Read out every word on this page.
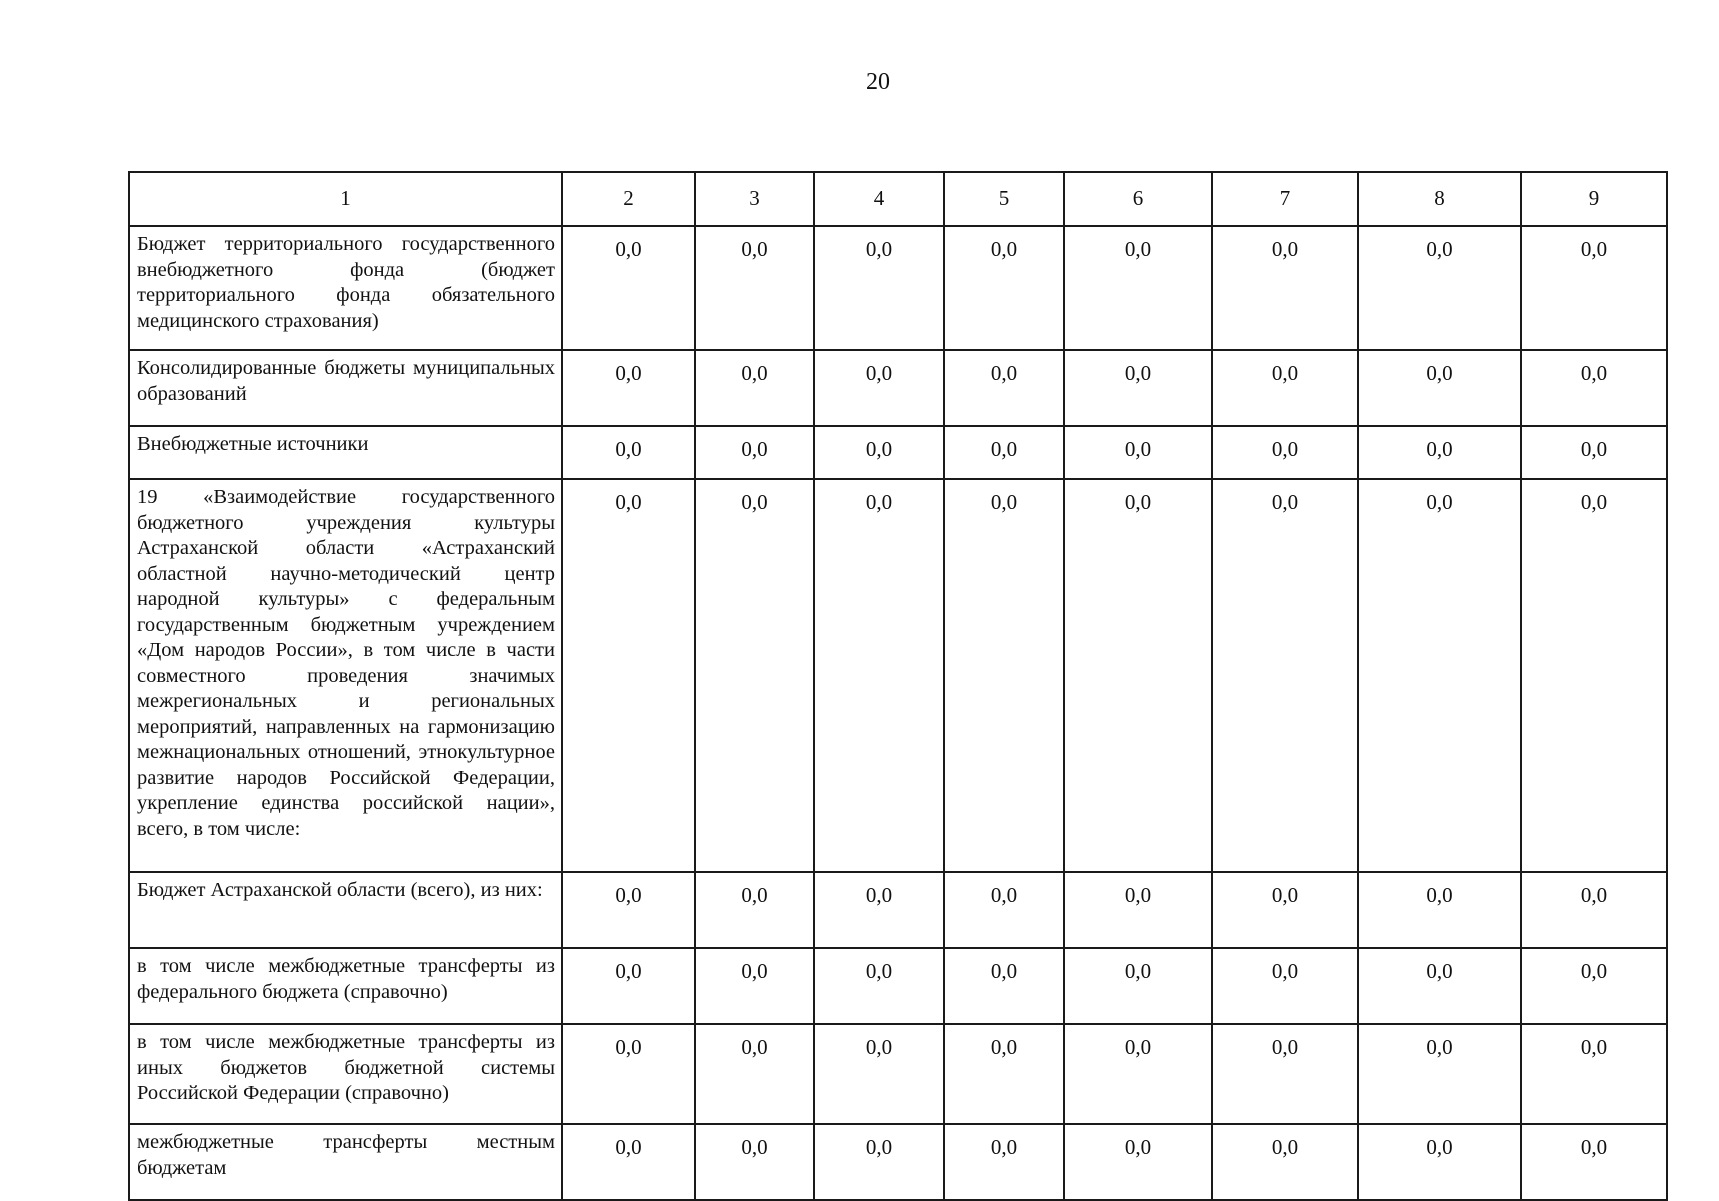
20
1	2	3	4	5	6	7	8	9
Бюджет территориального государственного внебюджетного фонда (бюджет территориального фонда обязательного медицинского страхования)	0,0	0,0	0,0	0,0	0,0	0,0	0,0	0,0
Консолидированные бюджеты муниципальных образований	0,0	0,0	0,0	0,0	0,0	0,0	0,0	0,0
Внебюджетные источники	0,0	0,0	0,0	0,0	0,0	0,0	0,0	0,0
19 «Взаимодействие государственного бюджетного учреждения культуры Астраханской области «Астраханский областной научно-методический центр народной культуры» с федеральным государственным бюджетным учреждением «Дом народов России», в том числе в части совместного проведения значимых межрегиональных и региональных мероприятий, направленных на гармонизацию межнациональных отношений, этнокультурное развитие народов Российской Федерации, укрепление единства российской нации», всего, в том числе:	0,0	0,0	0,0	0,0	0,0	0,0	0,0	0,0
Бюджет Астраханской области (всего), из них:	0,0	0,0	0,0	0,0	0,0	0,0	0,0	0,0
в том числе межбюджетные трансферты из федерального бюджета (справочно)	0,0	0,0	0,0	0,0	0,0	0,0	0,0	0,0
в том числе межбюджетные трансферты из иных бюджетов бюджетной системы Российской Федерации (справочно)	0,0	0,0	0,0	0,0	0,0	0,0	0,0	0,0
межбюджетные трансферты местным бюджетам	0,0	0,0	0,0	0,0	0,0	0,0	0,0	0,0
